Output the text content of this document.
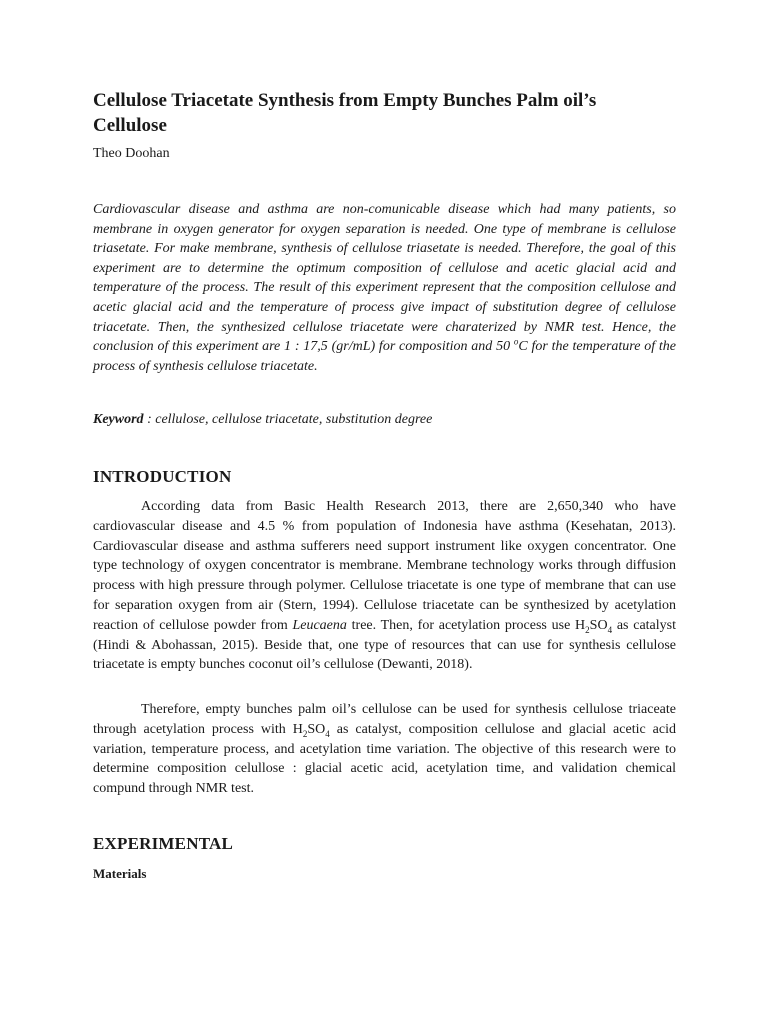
Cellulose Triacetate Synthesis from Empty Bunches Palm oil’s
Cellulose

Theo Doohan

Cardiovascular disease and asthma are non-comunicable disease which had many patients, so membrane in oxygen generator for oxygen separation is needed. One type of membrane is cellulose triasetate. For make membrane, synthesis of cellulose triasetate is needed. Therefore, the goal of this experiment are to determine the optimum composition of cellulose and acetic glacial acid and temperature of the process. The result of this experiment represent that the composition cellulose and acetic glacial acid and the temperature of process give impact of substitution degree of cellulose triacetate. Then, the synthesized cellulose triacetate were charaterized by NMR test. Hence, the conclusion of this experiment are 1 : 17,5 (gr/mL) for composition and 50 $^o$C for the temperature of the process of synthesis cellulose triacetate.

Keyword : cellulose, cellulose triacetate, substitution degree

INTRODUCTION

According data from Basic Health Research 2013, there are 2,650,340 who have cardiovascular disease and 4.5 % from population of Indonesia have asthma (Kesehatan, 2013). Cardiovascular disease and asthma sufferers need support instrument like oxygen concentrator. One type technology of oxygen concentrator is membrane. Membrane technology works through diffusion process with high pressure through polymer. Cellulose triacetate is one type of membrane that can use for separation oxygen from air (Stern, 1994). Cellulose triacetate can be synthesized by acetylation reaction of cellulose powder from Leucaena tree. Then, for acetylation process use $H_2SO_4$ as catalyst (Hindi & Abohassan, 2015). Beside that, one type of resources that can use for synthesis cellulose triacetate is empty bunches coconut oil’s cellulose (Dewanti, 2018).

Therefore, empty bunches palm oil’s cellulose can be used for synthesis cellulose triaceate through acetylation process with $H_2SO_4$ as catalyst, composition cellulose and glacial acetic acid variation, temperature process, and acetylation time variation. The objective of this research were to determine composition celullose : glacial acetic acid, acetylation time, and validation chemical compund through NMR test.

EXPERIMENTAL
Materials
